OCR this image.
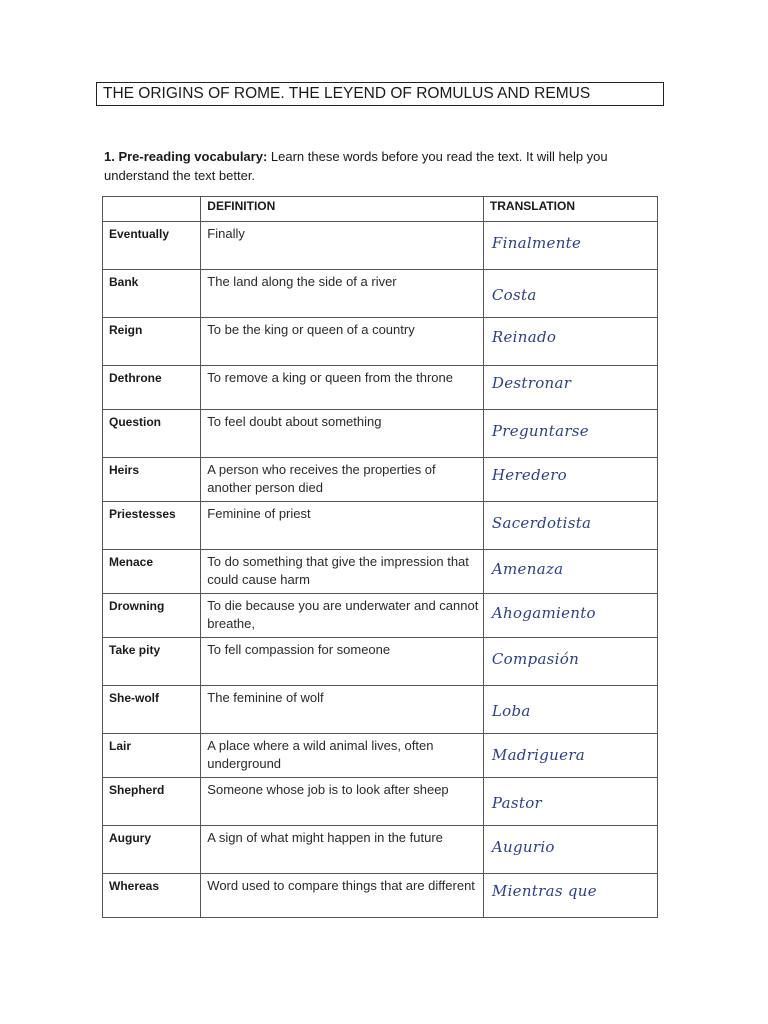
THE ORIGINS OF ROME. THE LEYEND OF ROMULUS AND REMUS
1. Pre-reading vocabulary: Learn these words before you read the text. It will help you understand the text better.
	DEFINITION	TRANSLATION
Eventually	Finally	Finalmente

Bank	The land along the side of a river	Costa

Reign	To be the king or queen of a country	Reinado

Dethrone	To remove a king or queen from the throne	Destronar

Question	To feel doubt about something	Preguntarse

Heirs	A person who receives the properties of another person died	Heredero

Priestesses	Feminine of priest	Sacerdotista

Menace	To do something that give the impression that could cause harm	Amenaza

Drowning	To die because you are underwater and cannot breathe,	Ahogamiento

Take pity	To fell compassion for someone	Compasión

She-wolf	The feminine of wolf	Loba

Lair	A place where a wild animal lives, often underground	Madriguera

Shepherd	Someone whose job is to look after sheep	Pastor

Augury	A sign of what might happen in the future	Augurio

Whereas	Word used to compare things that are different	Mientras que
